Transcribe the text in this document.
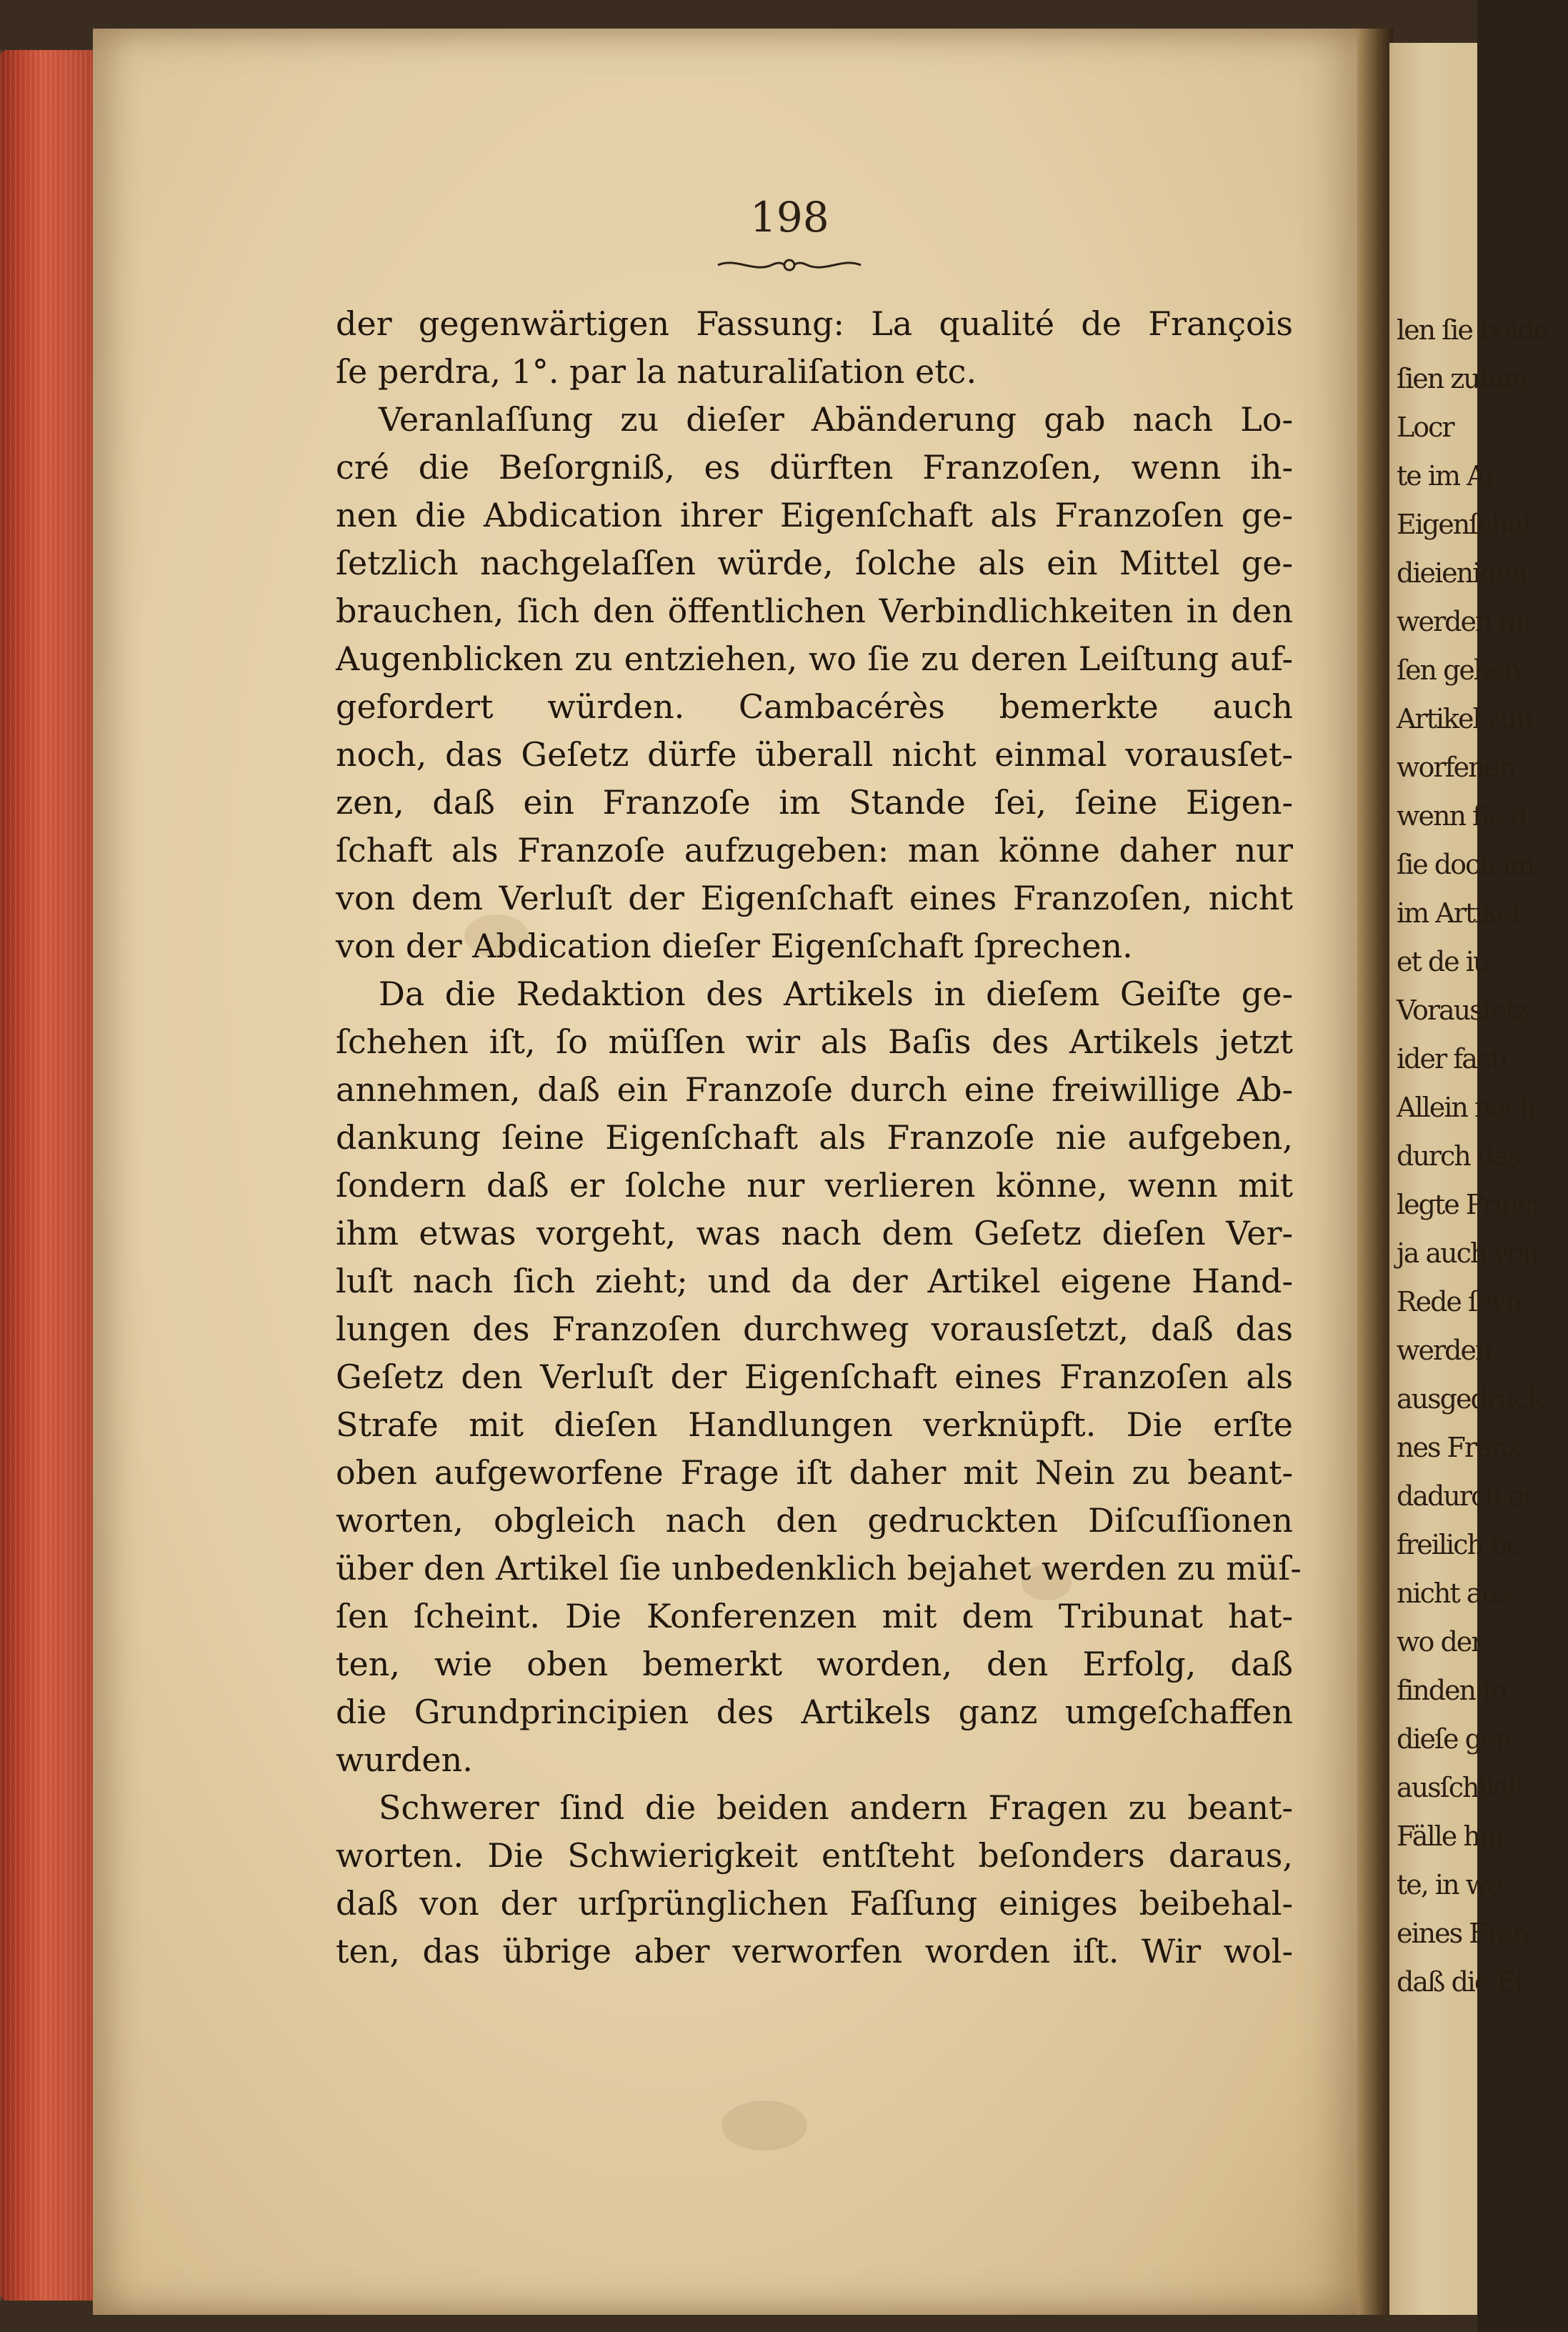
198
der gegenwärtigen Fassung: La qualité de François
ſe perdra, 1°. par la naturaliſation etc.
Veranlaſſung zu dieſer Abänderung gab nach Lo-
cré die Beſorgniß, es dürften Franzoſen, wenn ih-
nen die Abdication ihrer Eigenſchaft als Franzoſen ge-
ſetzlich nachgelaſſen würde, ſolche als ein Mittel ge-
brauchen, ſich den öffentlichen Verbindlichkeiten in den
Augenblicken zu entziehen, wo ſie zu deren Leiſtung auf-
gefordert würden. Cambacérès bemerkte auch
noch, das Geſetz dürfe überall nicht einmal vorausſet-
zen, daß ein Franzoſe im Stande ſei, ſeine Eigen-
ſchaft als Franzoſe aufzugeben: man könne daher nur
von dem Verluſt der Eigenſchaft eines Franzoſen, nicht
von der Abdication dieſer Eigenſchaft ſprechen.
Da die Redaktion des Artikels in dieſem Geiſte ge-
ſchehen iſt, ſo müſſen wir als Baſis des Artikels jetzt
annehmen, daß ein Franzoſe durch eine freiwillige Ab-
dankung ſeine Eigenſchaft als Franzoſe nie aufgeben,
ſondern daß er ſolche nur verlieren könne, wenn mit
ihm etwas vorgeht, was nach dem Geſetz dieſen Ver-
luſt nach ſich zieht; und da der Artikel eigene Hand-
lungen des Franzoſen durchweg vorausſetzt, daß das
Geſetz den Verluſt der Eigenſchaft eines Franzoſen als
Strafe mit dieſen Handlungen verknüpft. Die erſte
oben aufgeworfene Frage iſt daher mit Nein zu beant-
worten, obgleich nach den gedruckten Diſcuſſionen
über den Artikel ſie unbedenklich bejahet werden zu müſ-
ſen ſcheint. Die Konferenzen mit dem Tribunat hat-
ten, wie oben bemerkt worden, den Erfolg, daß
die Grundprincipien des Artikels ganz umgeſchaffen
wurden.
Schwerer ſind die beiden andern Fragen zu beant-
worten. Die Schwierigkeit entſteht beſonders daraus,
daß von der urſprünglichen Faſſung einiges beibehal-
ten, das übrige aber verworfen worden iſt. Wir wol-
len ſie beide
ſien zuſam
Locr
te im Ar
Eigenſchaf
dieienigen
werden mi
ſen geben
Artikel zun
worfenen
wenn ſie d
ſie doch im
im Artikel
et de iu
Vorausſetz
ider facti
Allein nach
durch das
legte Princi
ja auch von
Rede ſeyn,
werden,
ausgedruck
nes Franz
dadurch ei
freilich be
nicht aus
wo der
finden ſo
dieſe gen
ausſchließ
Fälle hin
te, in we
eines Fran
daß die Ei
